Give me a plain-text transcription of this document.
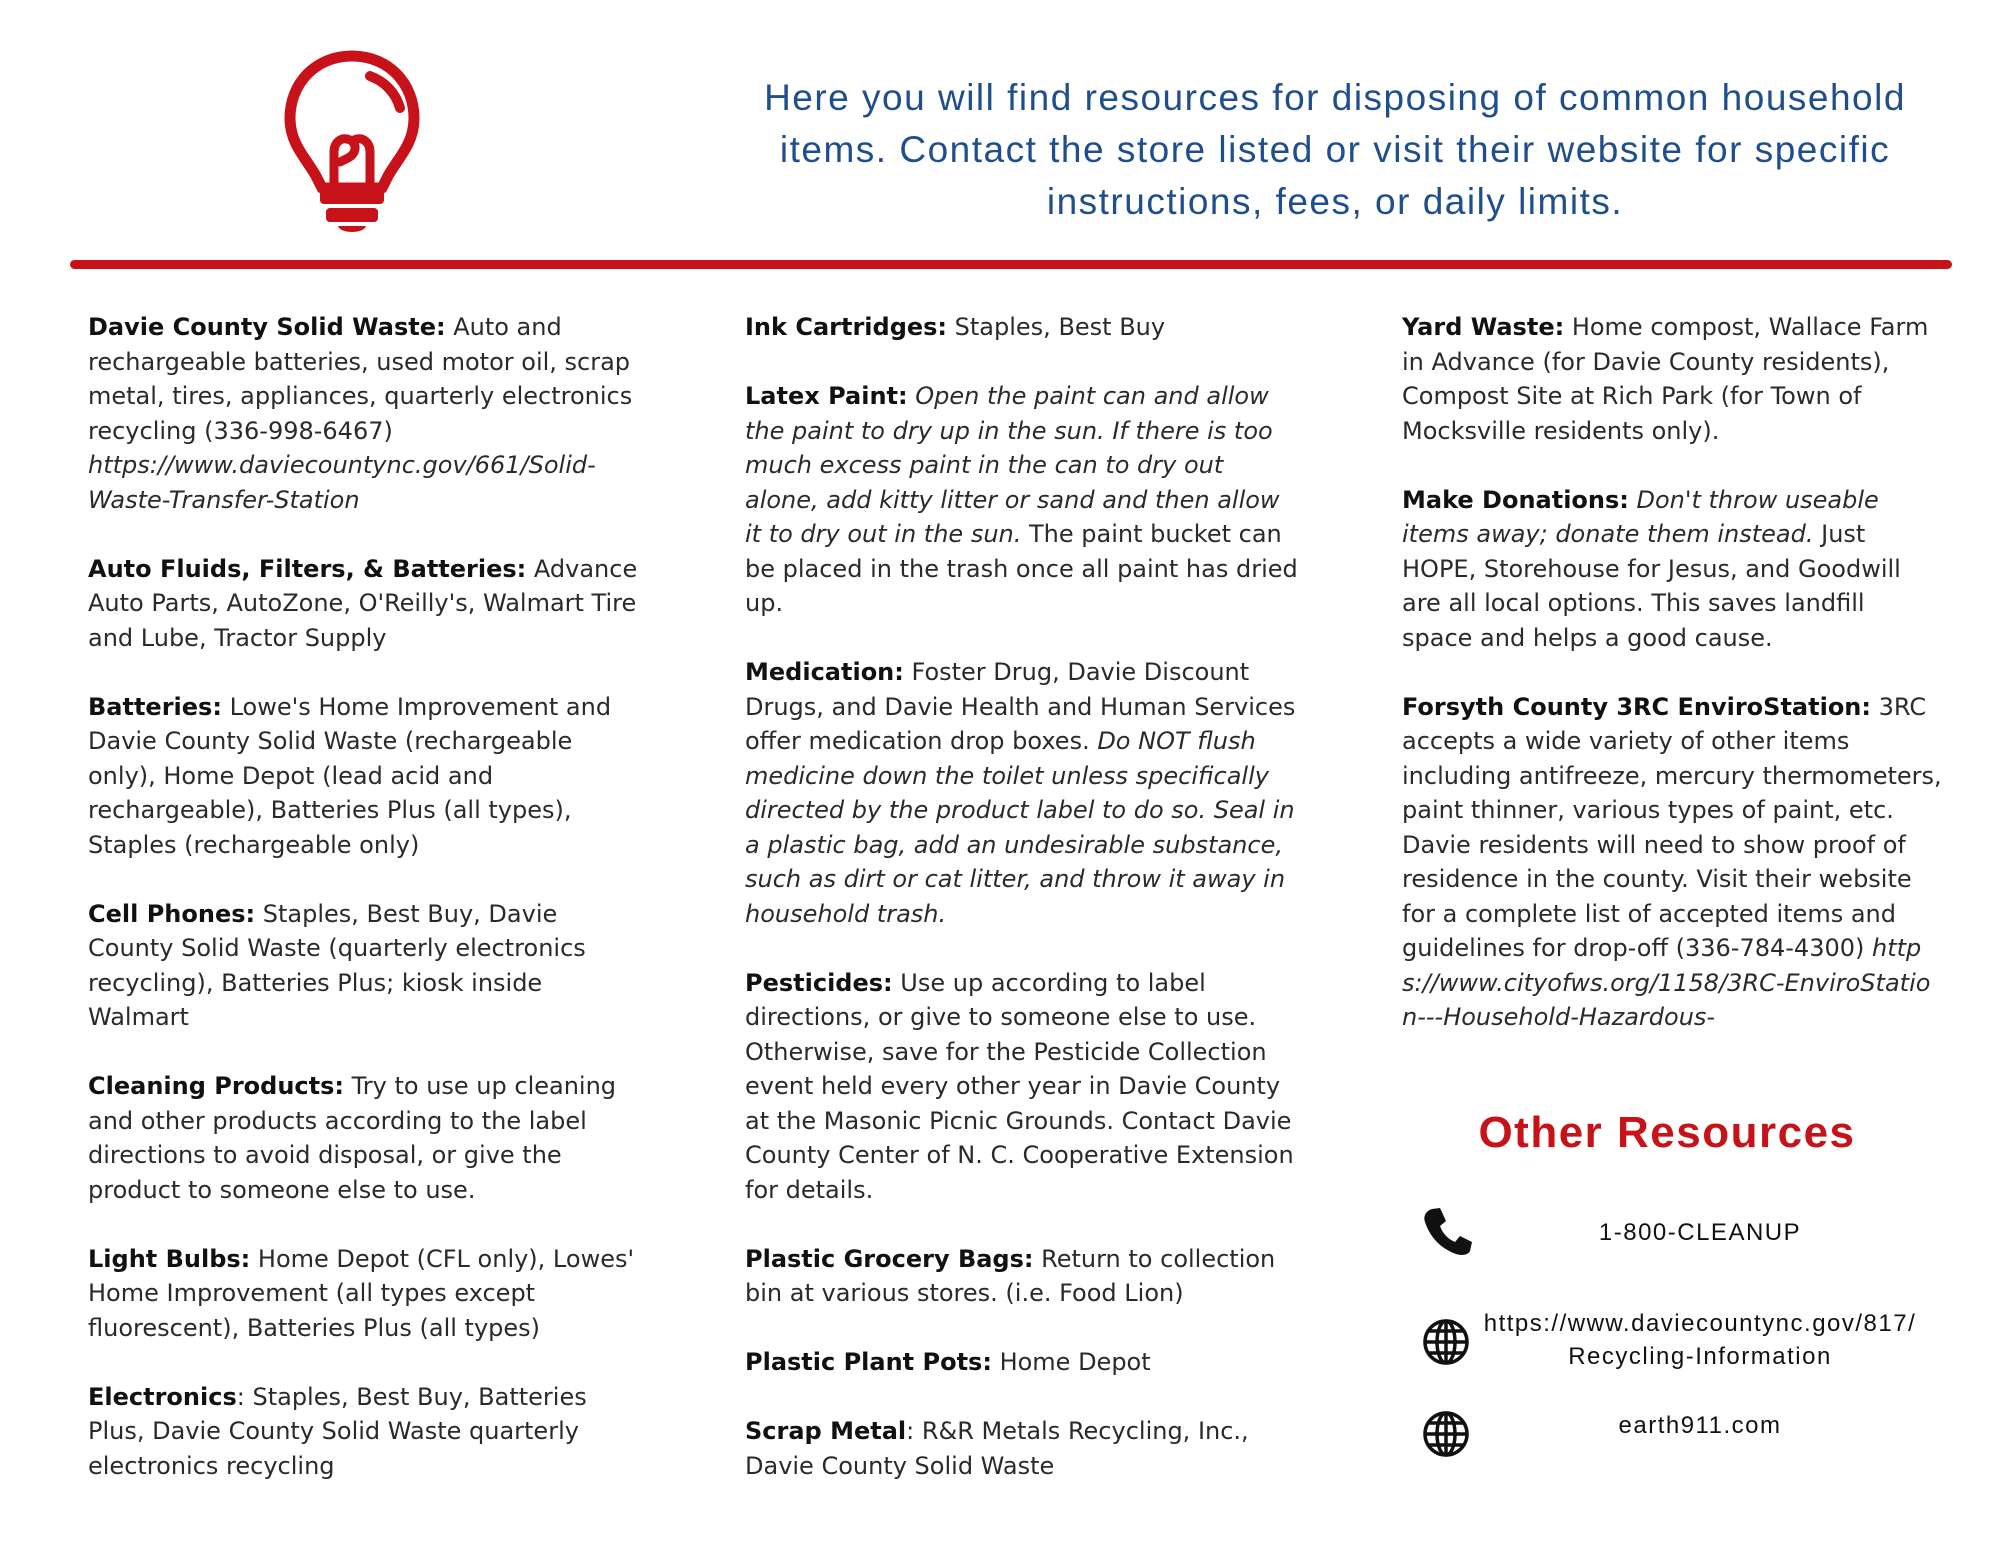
Here you will find resources for disposing of common household items. Contact the store listed or visit their website for specific instructions, fees, or daily limits.
Davie County Solid Waste: Auto and rechargeable batteries, used motor oil, scrap metal, tires, appliances, quarterly electronics recycling (336-998-6467) https://www.daviecountync.gov/661/Solid-Waste-Transfer-Station
Auto Fluids, Filters, & Batteries: Advance Auto Parts, AutoZone, O'Reilly's, Walmart Tire and Lube, Tractor Supply
Batteries: Lowe's Home Improvement and Davie County Solid Waste (rechargeable only), Home Depot (lead acid and rechargeable), Batteries Plus (all types), Staples (rechargeable only)
Cell Phones: Staples, Best Buy, Davie County Solid Waste (quarterly electronics recycling), Batteries Plus; kiosk inside Walmart
Cleaning Products: Try to use up cleaning and other products according to the label directions to avoid disposal, or give the product to someone else to use.
Light Bulbs: Home Depot (CFL only), Lowes' Home Improvement (all types except fluorescent), Batteries Plus (all types)
Electronics: Staples, Best Buy, Batteries Plus, Davie County Solid Waste quarterly electronics recycling
Ink Cartridges: Staples, Best Buy
Latex Paint: Open the paint can and allow the paint to dry up in the sun. If there is too much excess paint in the can to dry out alone, add kitty litter or sand and then allow it to dry out in the sun. The paint bucket can be placed in the trash once all paint has dried up.
Medication: Foster Drug, Davie Discount Drugs, and Davie Health and Human Services offer medication drop boxes. Do NOT flush medicine down the toilet unless specifically directed by the product label to do so. Seal in a plastic bag, add an undesirable substance, such as dirt or cat litter, and throw it away in household trash.
Pesticides: Use up according to label directions, or give to someone else to use. Otherwise, save for the Pesticide Collection event held every other year in Davie County at the Masonic Picnic Grounds. Contact Davie County Center of N. C. Cooperative Extension for details.
Plastic Grocery Bags: Return to collection bin at various stores. (i.e. Food Lion)
Plastic Plant Pots: Home Depot
Scrap Metal: R&R Metals Recycling, Inc., Davie County Solid Waste
Yard Waste: Home compost, Wallace Farm in Advance (for Davie County residents), Compost Site at Rich Park (for Town of Mocksville residents only).
Make Donations: Don't throw useable items away; donate them instead. Just HOPE, Storehouse for Jesus, and Goodwill are all local options. This saves landfill space and helps a good cause.
Forsyth County 3RC EnviroStation: 3RC accepts a wide variety of other items including antifreeze, mercury thermometers, paint thinner, various types of paint, etc. Davie residents will need to show proof of residence in the county. Visit their website for a complete list of accepted items and guidelines for drop-off (336-784-4300) https://www.cityofws.org/1158/3RC-EnviroStation---Household-Hazardous-
Other Resources
1-800-CLEANUP
https://www.daviecountync.gov/817/
Recycling-Information
earth911.com
